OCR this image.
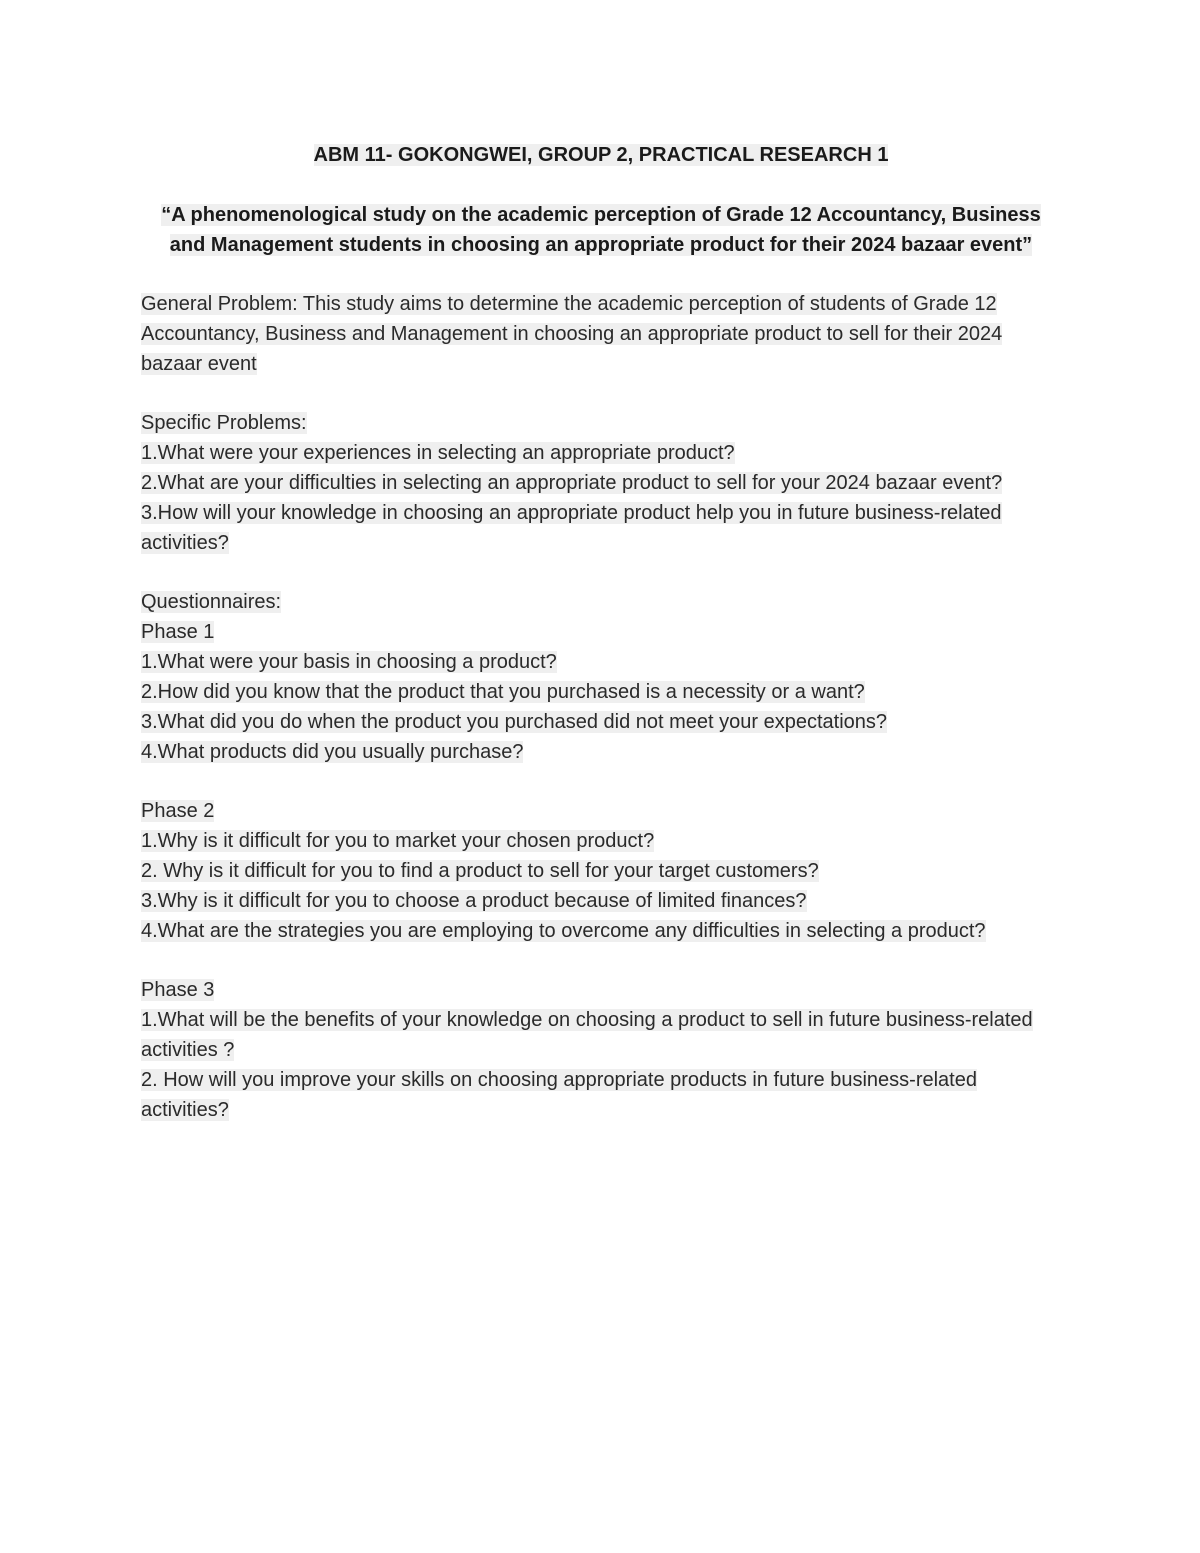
ABM 11- GOKONGWEI, GROUP 2, PRACTICAL RESEARCH 1
“A phenomenological study on the academic perception of Grade 12 Accountancy, Business and Management students in choosing an appropriate product for their 2024 bazaar event”
General Problem: This study aims to determine the academic perception of students of Grade 12 Accountancy, Business and Management in choosing an appropriate product to sell for their 2024 bazaar event
Specific Problems:
1.What were your experiences in selecting an appropriate product?
2.What are your difficulties in selecting an appropriate product to sell for your 2024 bazaar event?
3.How will your knowledge in choosing an appropriate product help you in future business-related activities?
Questionnaires:
Phase 1
1.What were your basis in choosing a product?
2.How did you know that the product that you purchased is a necessity or a want?
3.What did you do when the product you purchased did not meet your expectations?
4.What products did you usually purchase?
Phase 2
1.Why is it difficult for you to market your chosen product?
2. Why is it difficult for you to find a product to sell for your target customers?
3.Why is it difficult for you to choose a product because of limited finances?
4.What are the strategies you are employing to overcome any difficulties in selecting a product?
Phase 3
1.What will be the benefits of your knowledge on choosing a product to sell in future business-related activities ?
2. How will you improve your skills on choosing appropriate products in future business-related activities?
